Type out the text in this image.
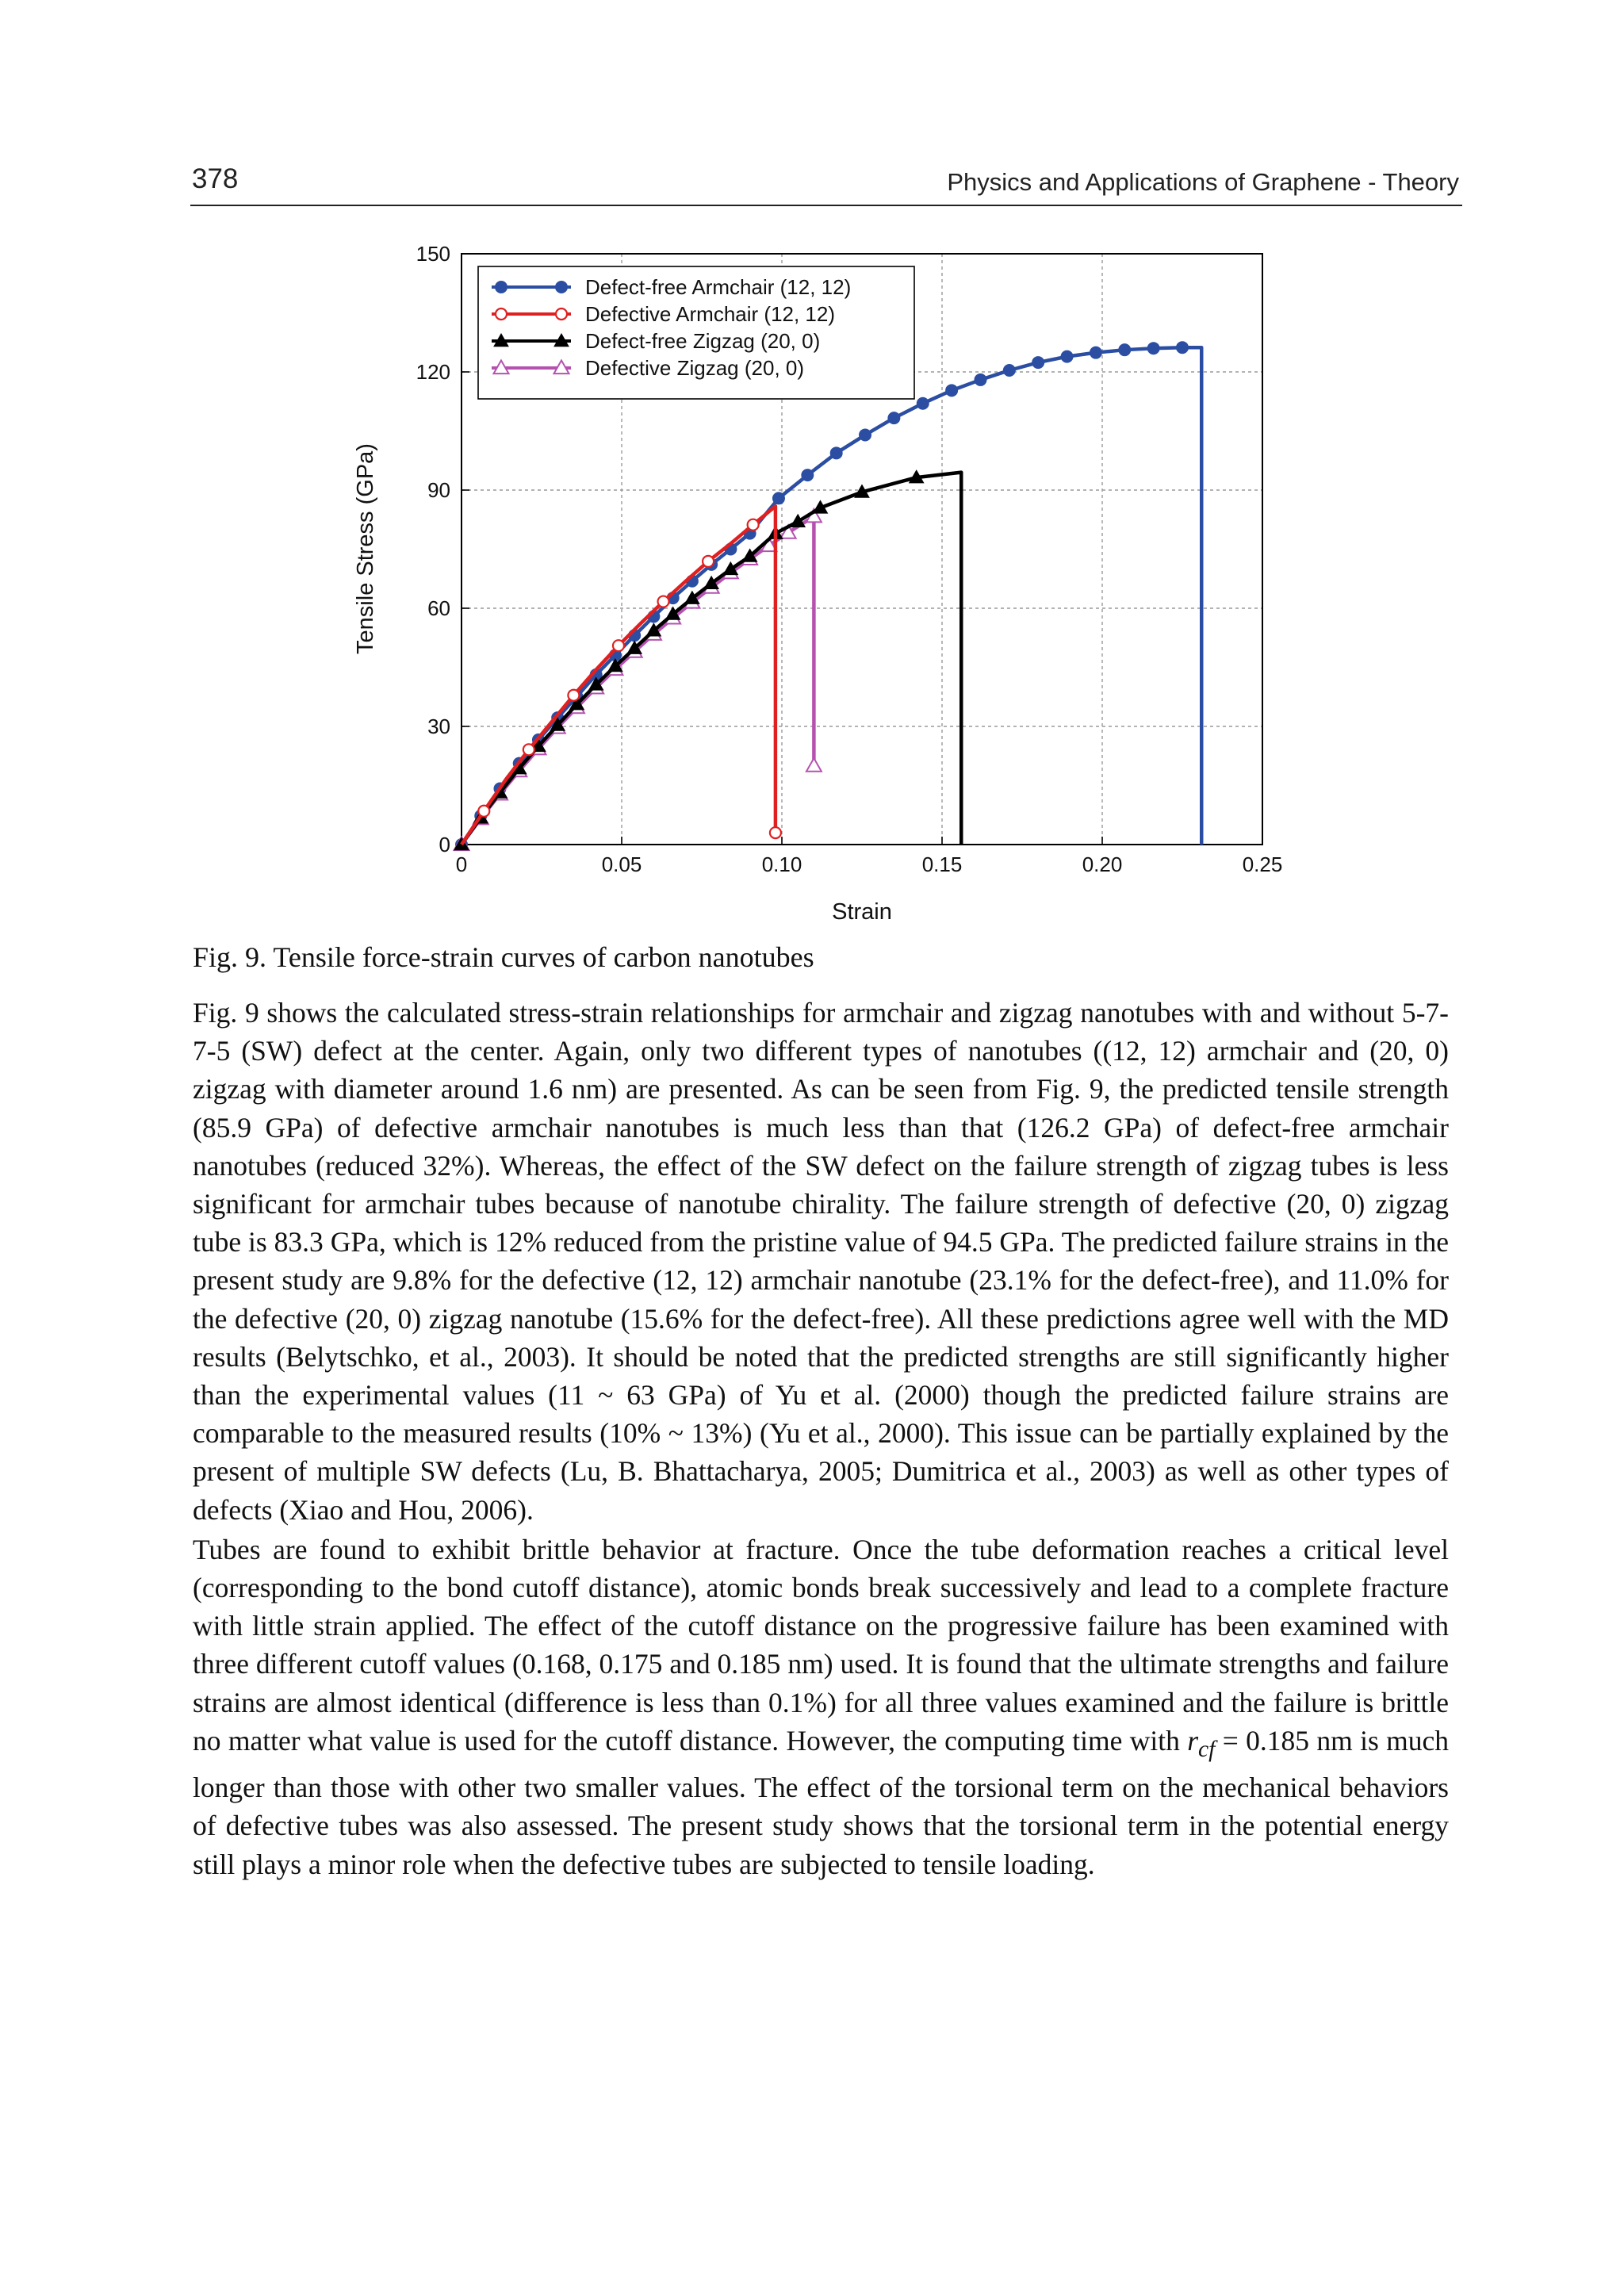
378	Physics and Applications of Graphene - Theory
0	0.05	0.10	0.15	0.20	0.25
0
30
60
90
120
150
Defect-free Armchair (12, 12)
Defective Armchair (12, 12)
Defect-free Zigzag (20, 0)
Defective Zigzag (20, 0)
Strain
Tensile Stress (GPa)
Fig. 9. Tensile force-strain curves of carbon nanotubes

Fig. 9 shows the calculated stress-strain relationships for armchair and zigzag nanotubes with and without 5-7-7-5 (SW) defect at the center. Again, only two different types of nanotubes ((12, 12) armchair and (20, 0) zigzag with diameter around 1.6 nm) are presented. As can be seen from Fig. 9, the predicted tensile strength (85.9 GPa) of defective armchair nanotubes is much less than that (126.2 GPa) of defect-free armchair nanotubes (reduced 32%). Whereas, the effect of the SW defect on the failure strength of zigzag tubes is less significant for armchair tubes because of nanotube chirality. The failure strength of defective (20, 0) zigzag tube is 83.3 GPa, which is 12% reduced from the pristine value of 94.5 GPa. The predicted failure strains in the present study are 9.8% for the defective (12, 12) armchair nanotube (23.1% for the defect-free), and 11.0% for the defective (20, 0) zigzag nanotube (15.6% for the defect-free). All these predictions agree well with the MD results (Belytschko, et al., 2003). It should be noted that the predicted strengths are still significantly higher than the experimental values (11 ~ 63 GPa) of Yu et al. (2000) though the predicted failure strains are comparable to the measured results (10% ~ 13%) (Yu et al., 2000). This issue can be partially explained by the present of multiple SW defects (Lu, B. Bhattacharya, 2005; Dumitrica et al., 2003) as well as other types of defects (Xiao and Hou, 2006).

Tubes are found to exhibit brittle behavior at fracture. Once the tube deformation reaches a critical level (corresponding to the bond cutoff distance), atomic bonds break successively and lead to a complete fracture with little strain applied. The effect of the cutoff distance on the progressive failure has been examined with three different cutoff values (0.168, 0.175 and 0.185 nm) used. It is found that the ultimate strengths and failure strains are almost identical (difference is less than 0.1%) for all three values examined and the failure is brittle no matter what value is used for the cutoff distance. However, the computing time with $r_{cf} = 0.185$ nm is much longer than those with other two smaller values. The effect of the torsional term on the mechanical behaviors of defective tubes was also assessed. The present study shows that the torsional term in the potential energy still plays a minor role when the defective tubes are subjected to tensile loading.
